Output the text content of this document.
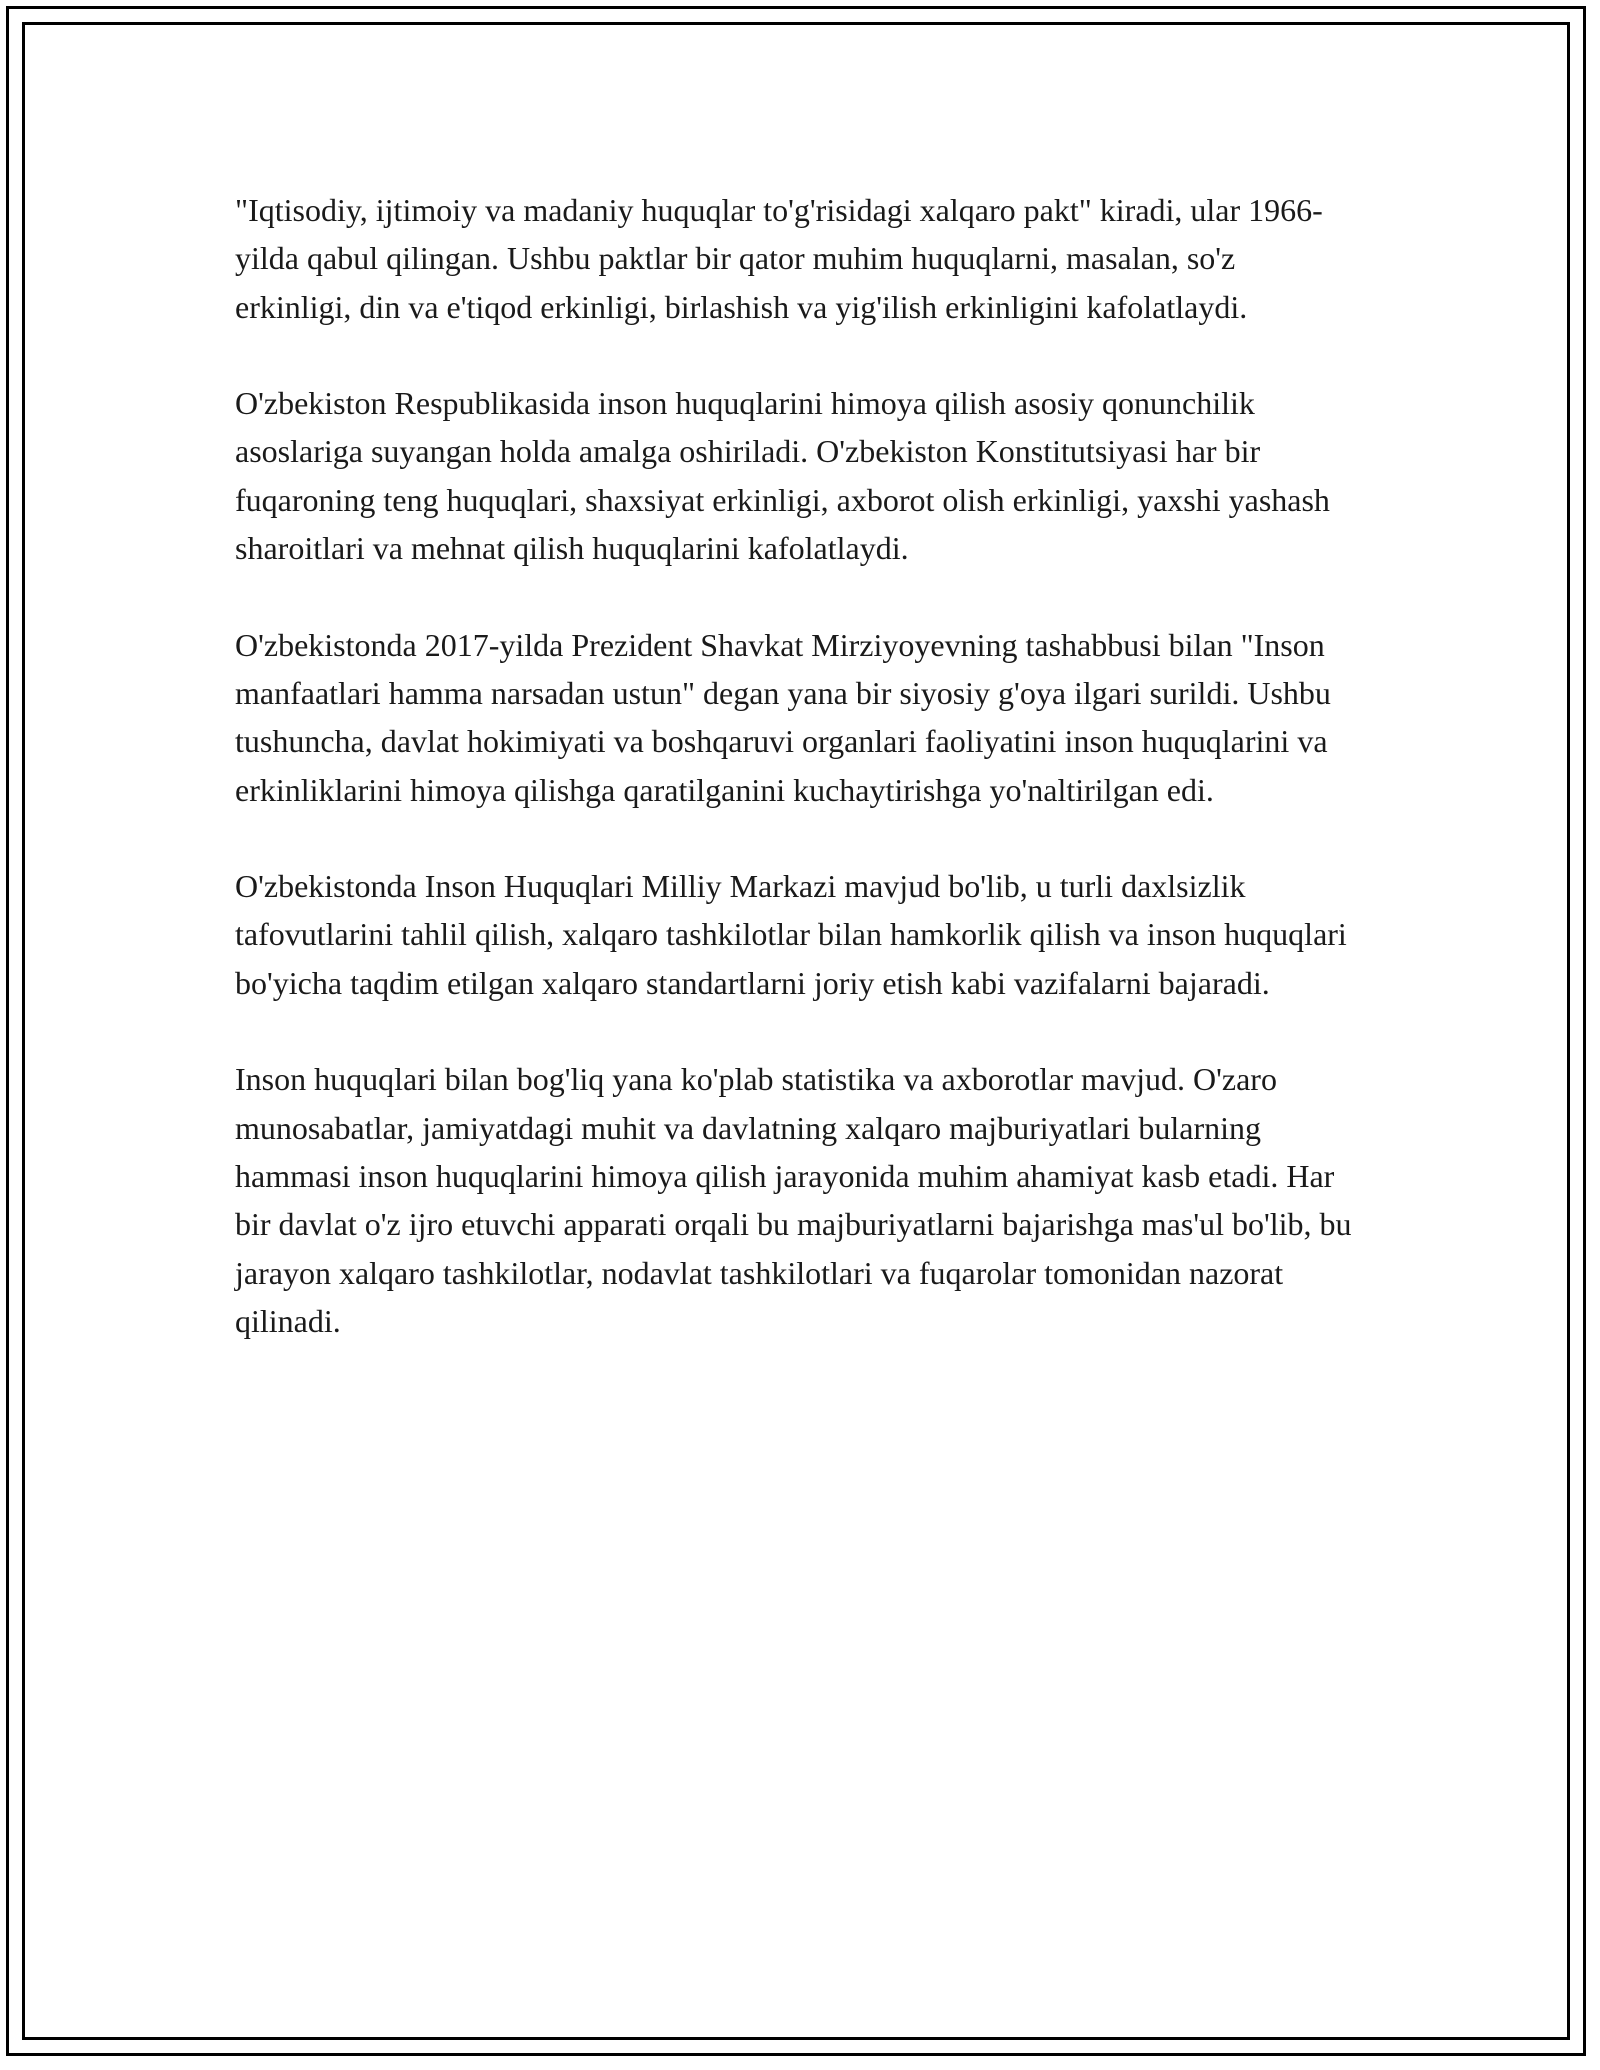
"Iqtisodiy, ijtimoiy va madaniy huquqlar to'g'risidagi xalqaro pakt" kiradi, ular 1966-yilda qabul qilingan. Ushbu paktlar bir qator muhim huquqlarni, masalan, so'z erkinligi, din va e'tiqod erkinligi, birlashish va yig'ilish erkinligini kafolatlaydi.

O'zbekiston Respublikasida inson huquqlarini himoya qilish asosiy qonunchilik asoslariga suyangan holda amalga oshiriladi. O'zbekiston Konstitutsiyasi har bir fuqaroning teng huquqlari, shaxsiyat erkinligi, axborot olish erkinligi, yaxshi yashash sharoitlari va mehnat qilish huquqlarini kafolatlaydi.

O'zbekistonda 2017-yilda Prezident Shavkat Mirziyoyevning tashabbusi bilan "Inson manfaatlari hamma narsadan ustun" degan yana bir siyosiy g'oya ilgari surildi. Ushbu tushuncha, davlat hokimiyati va boshqaruvi organlari faoliyatini inson huquqlarini va erkinliklarini himoya qilishga qaratilganini kuchaytirishga yo'naltirilgan edi.

O'zbekistonda Inson Huquqlari Milliy Markazi mavjud bo'lib, u turli daxlsizlik tafovutlarini tahlil qilish, xalqaro tashkilotlar bilan hamkorlik qilish va inson huquqlari bo'yicha taqdim etilgan xalqaro standartlarni joriy etish kabi vazifalarni bajaradi.

Inson huquqlari bilan bog'liq yana ko'plab statistika va axborotlar mavjud. O'zaro munosabatlar, jamiyatdagi muhit va davlatning xalqaro majburiyatlari bularning hammasi inson huquqlarini himoya qilish jarayonida muhim ahamiyat kasb etadi. Har bir davlat o'z ijro etuvchi apparati orqali bu majburiyatlarni bajarishga mas'ul bo'lib, bu jarayon xalqaro tashkilotlar, nodavlat tashkilotlari va fuqarolar tomonidan nazorat qilinadi.
